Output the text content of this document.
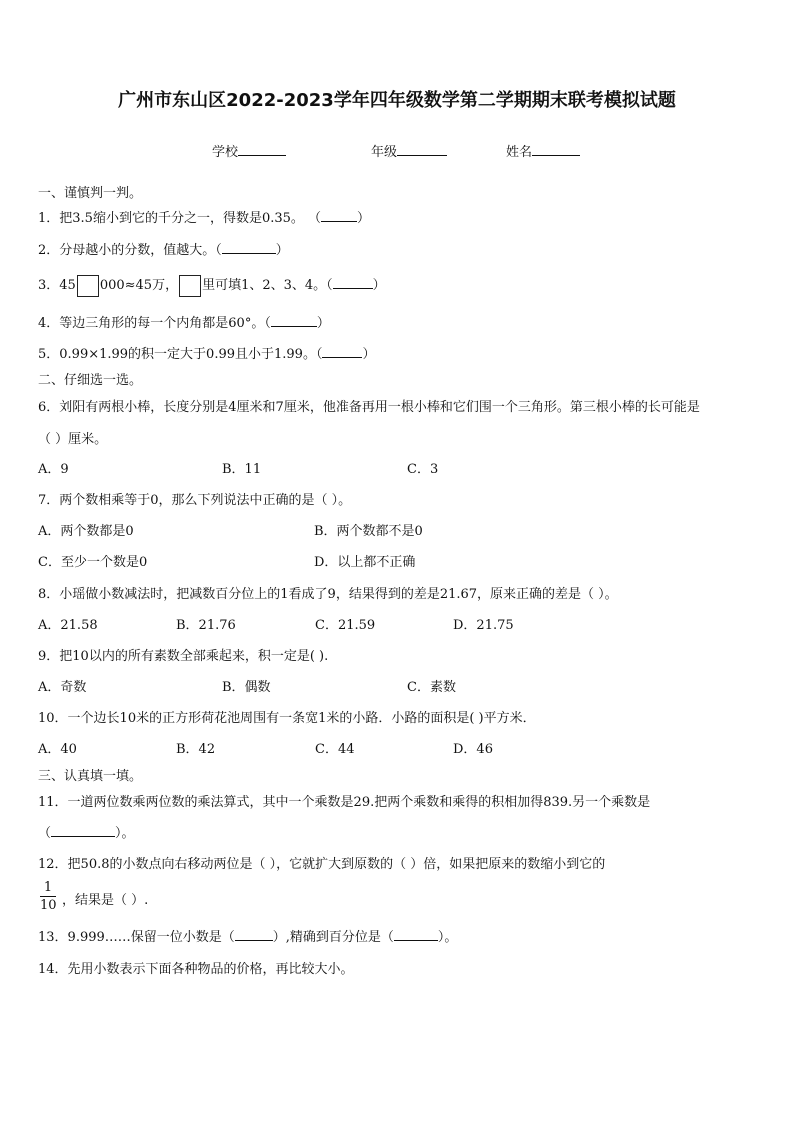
广州市东山区2022-2023学年四年级数学第二学期期末联考模拟试题
学校	年级	姓名
一、谨慎判一判。
1．把3.5缩小到它的千分之一，得数是0.35。 （	）
2．分母越小的分数，值越大。（	）
3．45 000≈45万， 里可填1、2、3、4。（	）
4．等边三角形的每一个内角都是60°。（	）
5．0.99×1.99的积一定大于0.99且小于1.99。（	）
二、仔细选一选。
6．刘阳有两根小棒，长度分别是4厘米和7厘米，他准备再用一根小棒和它们围一个三角形。第三根小棒的长可能是
（ ）厘米。
A．9	B．11	C．3
7．两个数相乘等于0，那么下列说法中正确的是（ ）。
A．两个数都是0	B．两个数都不是0
C．至少一个数是0	D．以上都不正确
8．小瑶做小数减法时，把减数百分位上的1看成了9，结果得到的差是21.67，原来正确的差是（ ）。
A．21.58	B．21.76	C．21.59	D．21.75
9．把10以内的所有素数全部乘起来，积一定是( ).
A．奇数	B．偶数	C．素数
10．一个边长10米的正方形荷花池周围有一条宽1米的小路．小路的面积是( )平方米．
A．40	B．42	C．44	D．46
三、认真填一填。
11．一道两位数乘两位数的乘法算式，其中一个乘数是29.把两个乘数和乘得的积相加得839.另一个乘数是
（	）。
12．把50.8的小数点向右移动两位是（ ），它就扩大到原数的（ ）倍，如果把原来的数缩小到它的
1
10 ，结果是（ ）.
13．9.999……保留一位小数是（	）,精确到百分位是（	）。
14．先用小数表示下面各种物品的价格，再比较大小。
